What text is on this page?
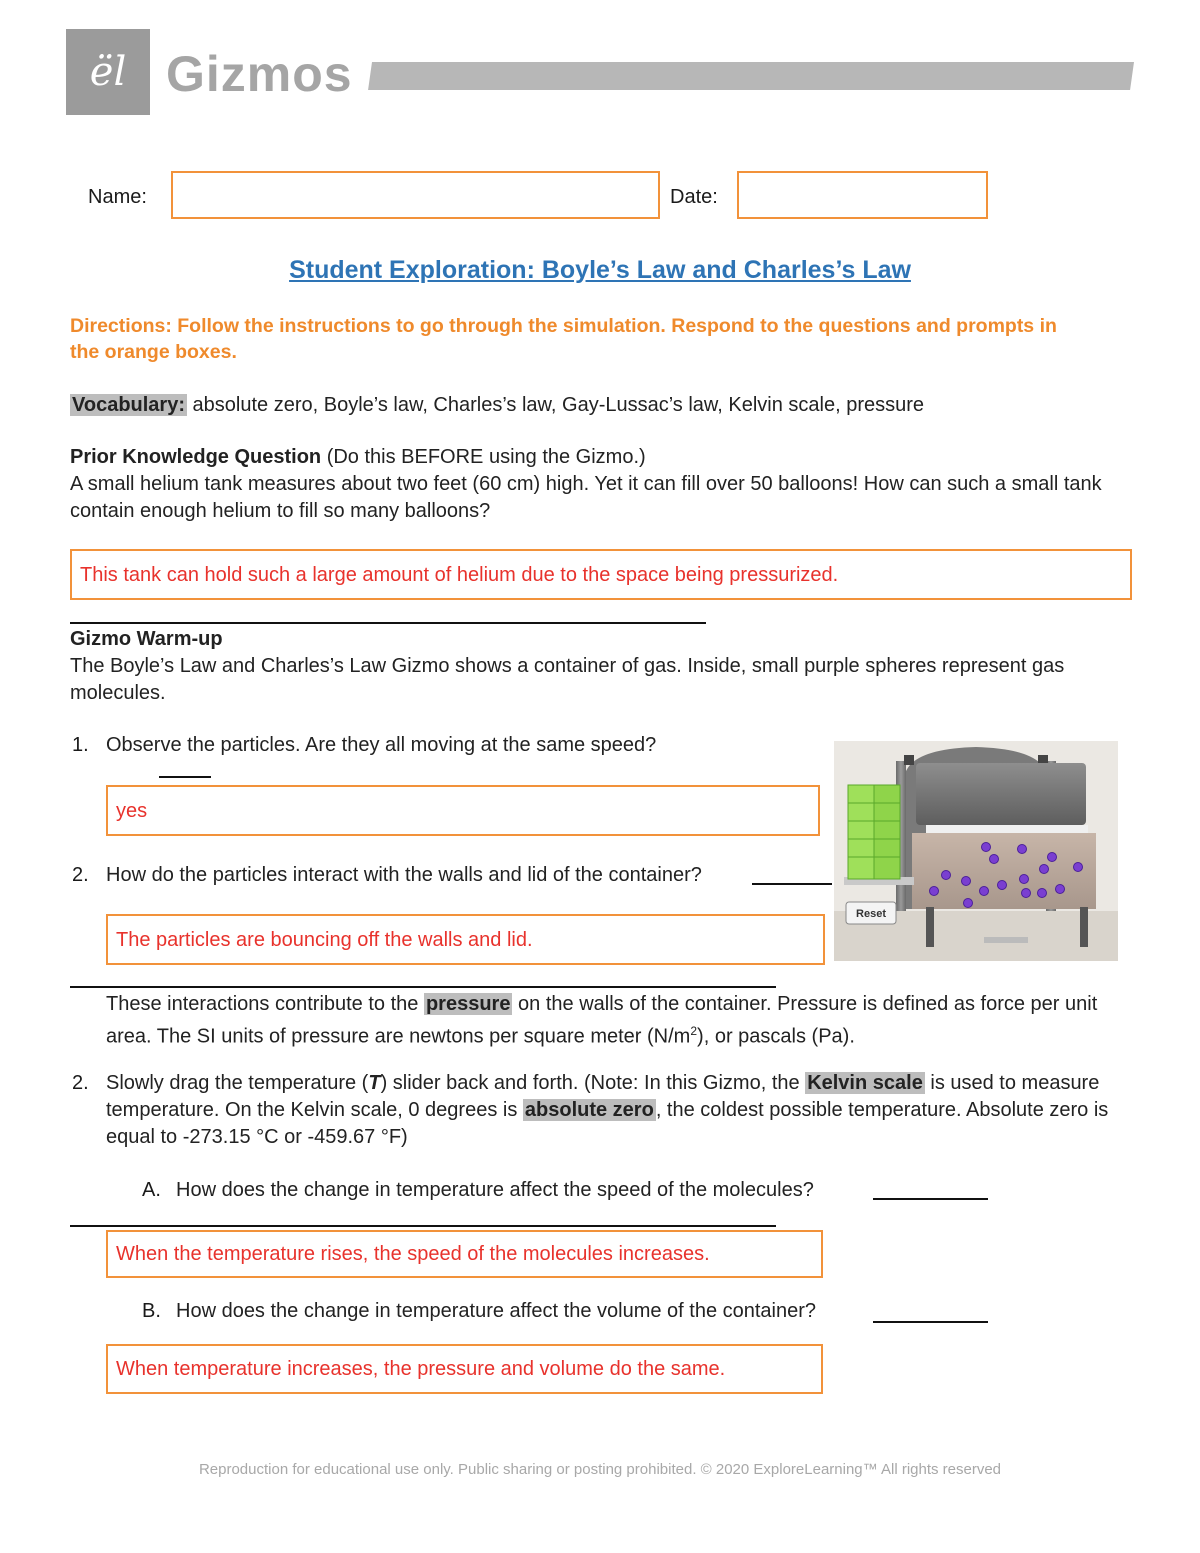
ël Gizmos
Name:	Date:
Student Exploration: Boyle’s Law and Charles’s Law
Directions: Follow the instructions to go through the simulation. Respond to the questions and prompts in the orange boxes.
Vocabulary: absolute zero, Boyle’s law, Charles’s law, Gay-Lussac’s law, Kelvin scale, pressure
Prior Knowledge Question (Do this BEFORE using the Gizmo.)
A small helium tank measures about two feet (60 cm) high. Yet it can fill over 50 balloons! How can such a small tank contain enough helium to fill so many balloons?
This tank can hold such a large amount of helium due to the space being pressurized.
Gizmo Warm-up
The Boyle’s Law and Charles’s Law Gizmo shows a container of gas. Inside, small purple spheres represent gas molecules.
1. Observe the particles. Are they all moving at the same speed?
yes
2. How do the particles interact with the walls and lid of the container?
The particles are bouncing off the walls and lid.
These interactions contribute to the pressure on the walls of the container. Pressure is defined as force per unit area. The SI units of pressure are newtons per square meter $(N/m^2)$, or pascals (Pa).
2. Slowly drag the temperature (T) slider back and forth. (Note: In this Gizmo, the Kelvin scale is used to measure temperature. On the Kelvin scale, 0 degrees is absolute zero , the coldest possible temperature. Absolute zero is equal to -273.15 °C or -459.67 °F)
A. How does the change in temperature affect the speed of the molecules?
When the temperature rises, the speed of the molecules increases.
B. How does the change in temperature affect the volume of the container?
When temperature increases, the pressure and volume do the same.
Reset
Reproduction for educational use only. Public sharing or posting prohibited. © 2020 ExploreLearning™ All rights reserved
